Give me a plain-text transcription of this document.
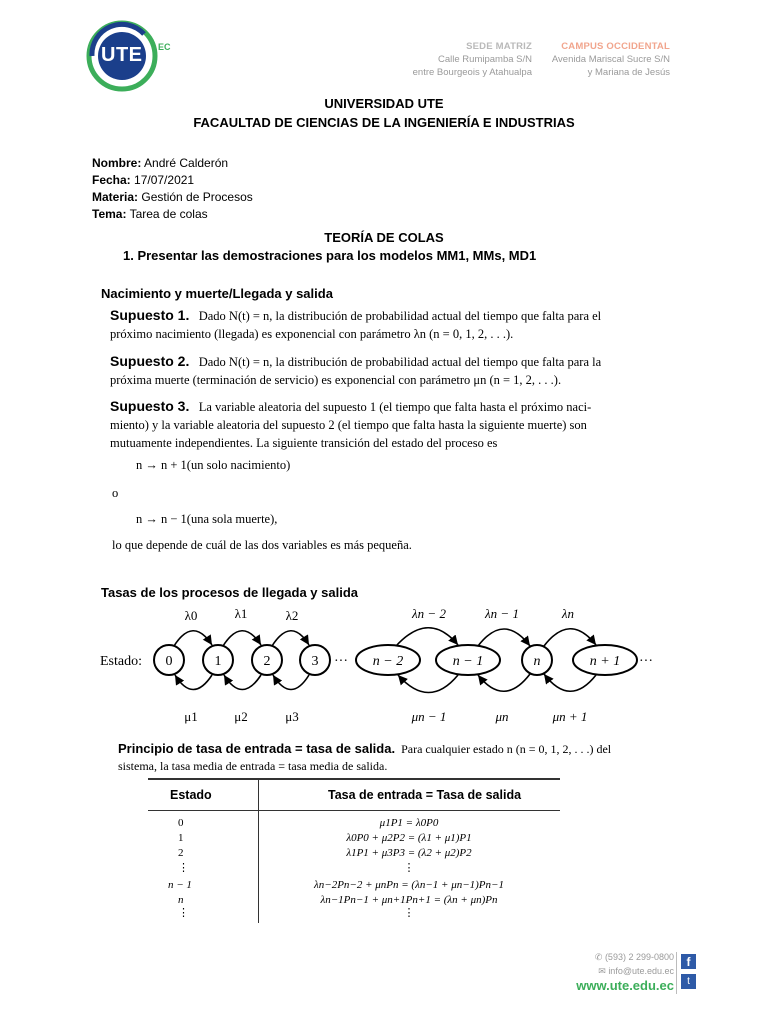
UTE EC	SEDE MATRIZ
Calle Rumipamba S/N
entre Bourgeois y Atahualpa
CAMPUS OCCIDENTAL
Avenida Mariscal Sucre S/N
y Mariana de Jesús
UNIVERSIDAD UTE
FACAULTAD DE CIENCIAS DE LA INGENIERÍA E INDUSTRIAS
Nombre: André Calderón
Fecha: 17/07/2021
Materia: Gestión de Procesos
Tema: Tarea de colas
TEORÍA DE COLAS
1. Presentar las demostraciones para los modelos MM1, MMs, MD1
Nacimiento y muerte/Llegada y salida
Supuesto 1. Dado N(t) = n, la distribución de probabilidad actual del tiempo que falta para el
próximo nacimiento (llegada) es exponencial con parámetro λn (n = 0, 1, 2, . . .).
Supuesto 2. Dado N(t) = n, la distribución de probabilidad actual del tiempo que falta para la
próxima muerte (terminación de servicio) es exponencial con parámetro μn (n = 1, 2, . . .).
Supuesto 3. La variable aleatoria del supuesto 1 (el tiempo que falta hasta el próximo naci-
miento) y la variable aleatoria del supuesto 2 (el tiempo que falta hasta la siguiente muerte) son
mutuamente independientes. La siguiente transición del estado del proceso es
n → n + 1(un solo nacimiento)
o
n → n − 1(una sola muerte),
lo que depende de cuál de las dos variables es más pequeña.
Tasas de los procesos de llegada y salida
Estado: 0	1	2	3 ··· n − 2	n − 1	n	n + 1 ···
λ0	λ1	λ2	λn − 2	λn − 1	λn
μ1	μ2	μ3	μn − 1	μn	μn + 1
Principio de tasa de entrada = tasa de salida. Para cualquier estado n (n = 0, 1, 2, . . .) del
sistema, la tasa media de entrada = tasa media de salida.
Estado	Tasa de entrada = Tasa de salida
0	μ1P1 = λ0P0
1	λ0P0 + μ2P2 = (λ1 + μ1)P1
2	λ1P1 + μ3P3 = (λ2 + μ2)P2
⋮	⋮
n − 1	λn−2Pn−2 + μnPn = (λn−1 + μn−1)Pn−1
n	λn−1Pn−1 + μn+1Pn+1 = (λn + μn)Pn
⋮	⋮
✆ (593) 2 299-0800
✉ info@ute.edu.ec
www.ute.edu.ec
f
t
